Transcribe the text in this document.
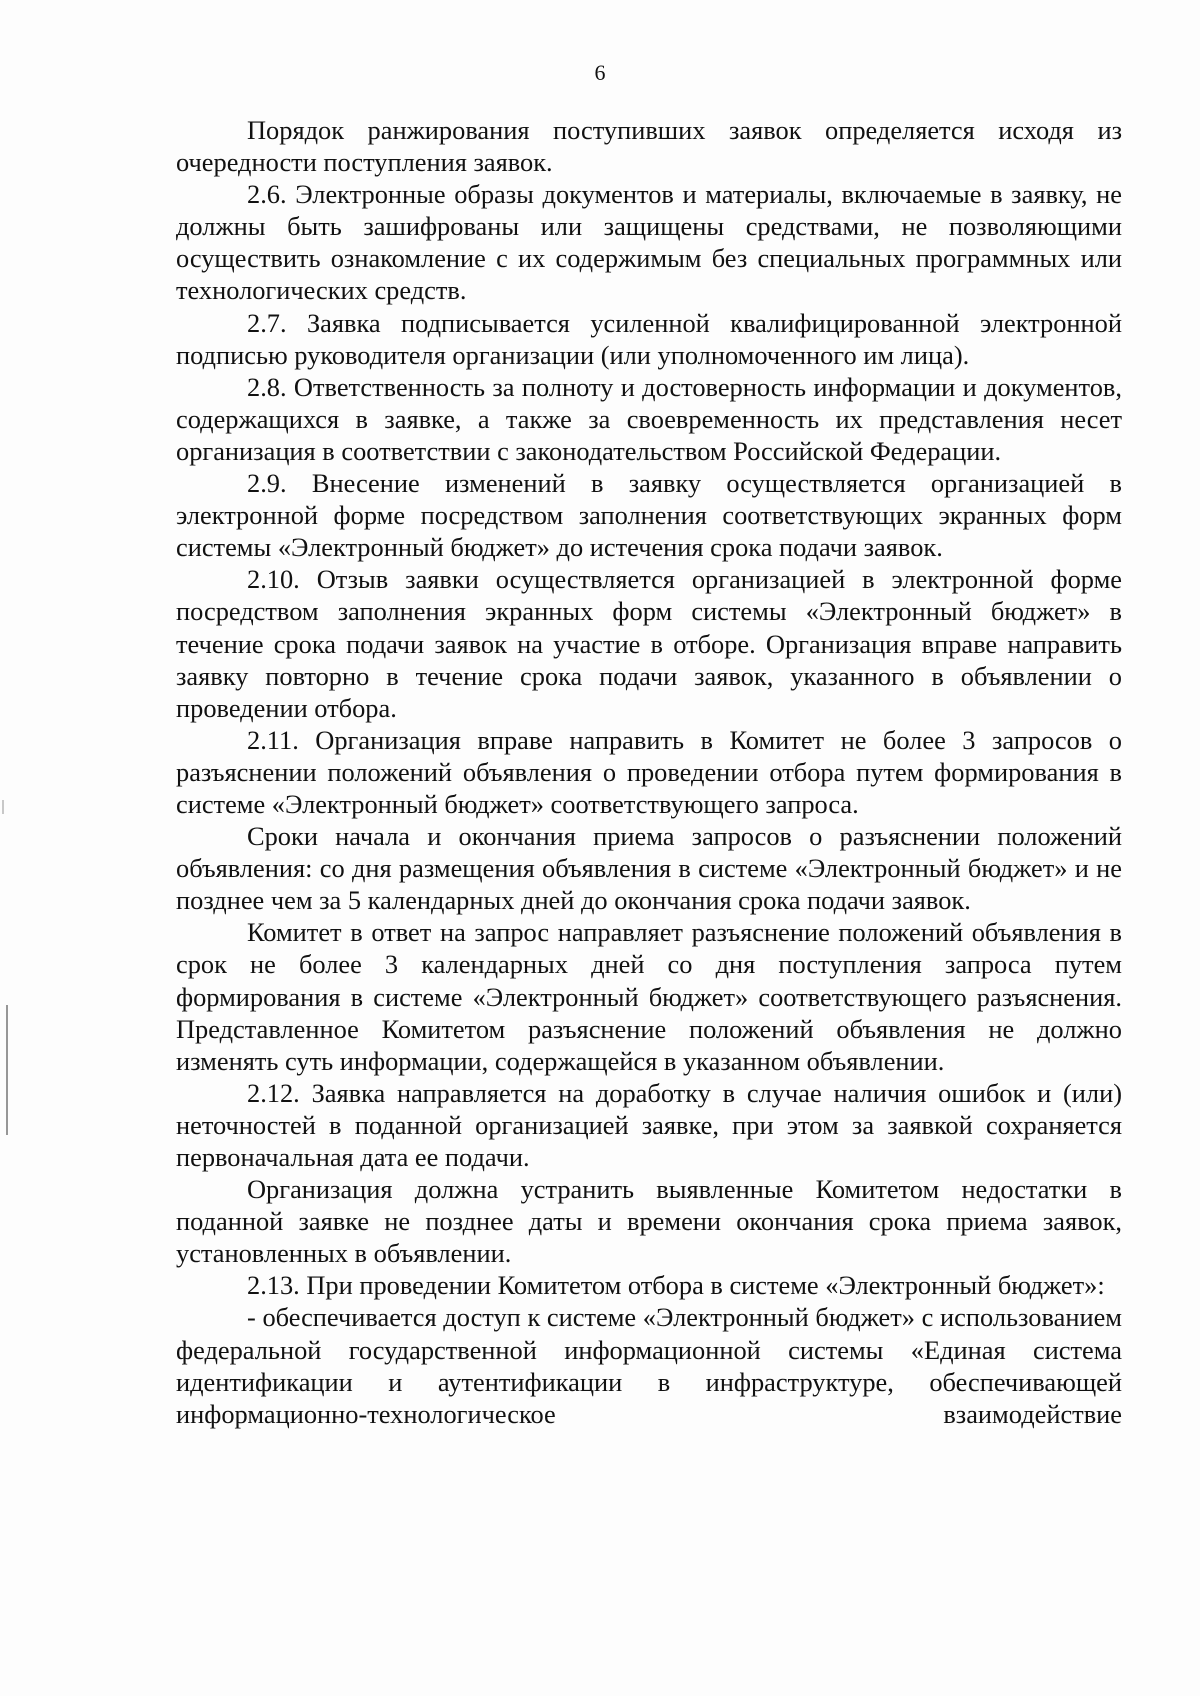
6

Порядок ранжирования поступивших заявок определяется исходя из очередности поступления заявок.

2.6. Электронные образы документов и материалы, включаемые в заявку, не должны быть зашифрованы или защищены средствами, не позволяющими осуществить ознакомление с их содержимым без специальных программных или технологических средств.

2.7. Заявка подписывается усиленной квалифицированной электронной подписью руководителя организации (или уполномоченного им лица).

2.8. Ответственность за полноту и достоверность информации и документов, содержащихся в заявке, а также за своевременность их представления несет организация в соответствии с законодательством Российской Федерации.

2.9. Внесение изменений в заявку осуществляется организацией в электронной форме посредством заполнения соответствующих экранных форм системы «Электронный бюджет» до истечения срока подачи заявок.

2.10. Отзыв заявки осуществляется организацией в электронной форме посредством заполнения экранных форм системы «Электронный бюджет» в течение срока подачи заявок на участие в отборе. Организация вправе направить заявку повторно в течение срока подачи заявок, указанного в объявлении о проведении отбора.

2.11. Организация вправе направить в Комитет не более 3 запросов о разъяснении положений объявления о проведении отбора путем формирования в системе «Электронный бюджет» соответствующего запроса.

Сроки начала и окончания приема запросов о разъяснении положений объявления: со дня размещения объявления в системе «Электронный бюджет» и не позднее чем за 5 календарных дней до окончания срока подачи заявок.

Комитет в ответ на запрос направляет разъяснение положений объявления в срок не более 3 календарных дней со дня поступления запроса путем формирования в системе «Электронный бюджет» соответствующего разъяснения. Представленное Комитетом разъяснение положений объявления не должно изменять суть информации, содержащейся в указанном объявлении.

2.12. Заявка направляется на доработку в случае наличия ошибок и (или) неточностей в поданной организацией заявке, при этом за заявкой сохраняется первоначальная дата ее подачи.

Организация должна устранить выявленные Комитетом недостатки в поданной заявке не позднее даты и времени окончания срока приема заявок, установленных в объявлении.

2.13. При проведении Комитетом отбора в системе «Электронный бюджет»:

- обеспечивается доступ к системе «Электронный бюджет» с использованием федеральной государственной информационной системы «Единая система идентификации и аутентификации в инфраструктуре, обеспечивающей информационно-технологическое взаимодействие
